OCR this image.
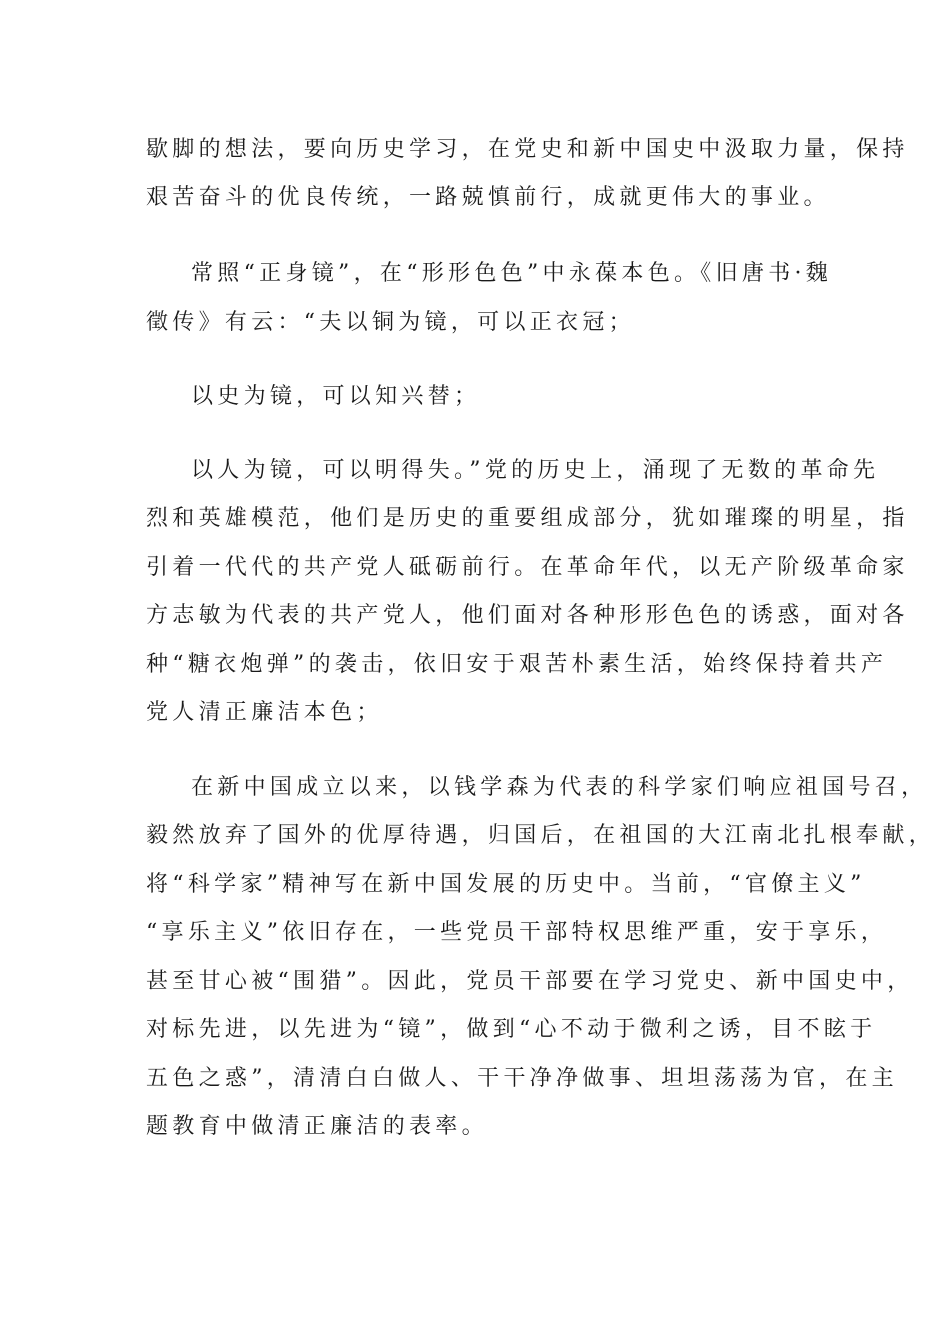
歇脚的想法，要向历史学习，在党史和新中国史中汲取力量，保持
艰苦奋斗的优良传统，一路兢慎前行，成就更伟大的事业。
常照“正身镜”，在“形形色色”中永葆本色。《旧唐书·魏
徵传》有云：“夫以铜为镜，可以正衣冠；
以史为镜，可以知兴替；
以人为镜，可以明得失。”党的历史上，涌现了无数的革命先
烈和英雄模范，他们是历史的重要组成部分，犹如璀璨的明星，指
引着一代代的共产党人砥砺前行。在革命年代，以无产阶级革命家
方志敏为代表的共产党人，他们面对各种形形色色的诱惑，面对各
种“糖衣炮弹”的袭击，依旧安于艰苦朴素生活，始终保持着共产
党人清正廉洁本色；
在新中国成立以来，以钱学森为代表的科学家们响应祖国号召，
毅然放弃了国外的优厚待遇，归国后，在祖国的大江南北扎根奉献，
将“科学家”精神写在新中国发展的历史中。当前，“官僚主义”
“享乐主义”依旧存在，一些党员干部特权思维严重，安于享乐，
甚至甘心被“围猎”。因此，党员干部要在学习党史、新中国史中，
对标先进，以先进为“镜”，做到“心不动于微利之诱，目不眩于
五色之惑”，清清白白做人、干干净净做事、坦坦荡荡为官，在主
题教育中做清正廉洁的表率。
